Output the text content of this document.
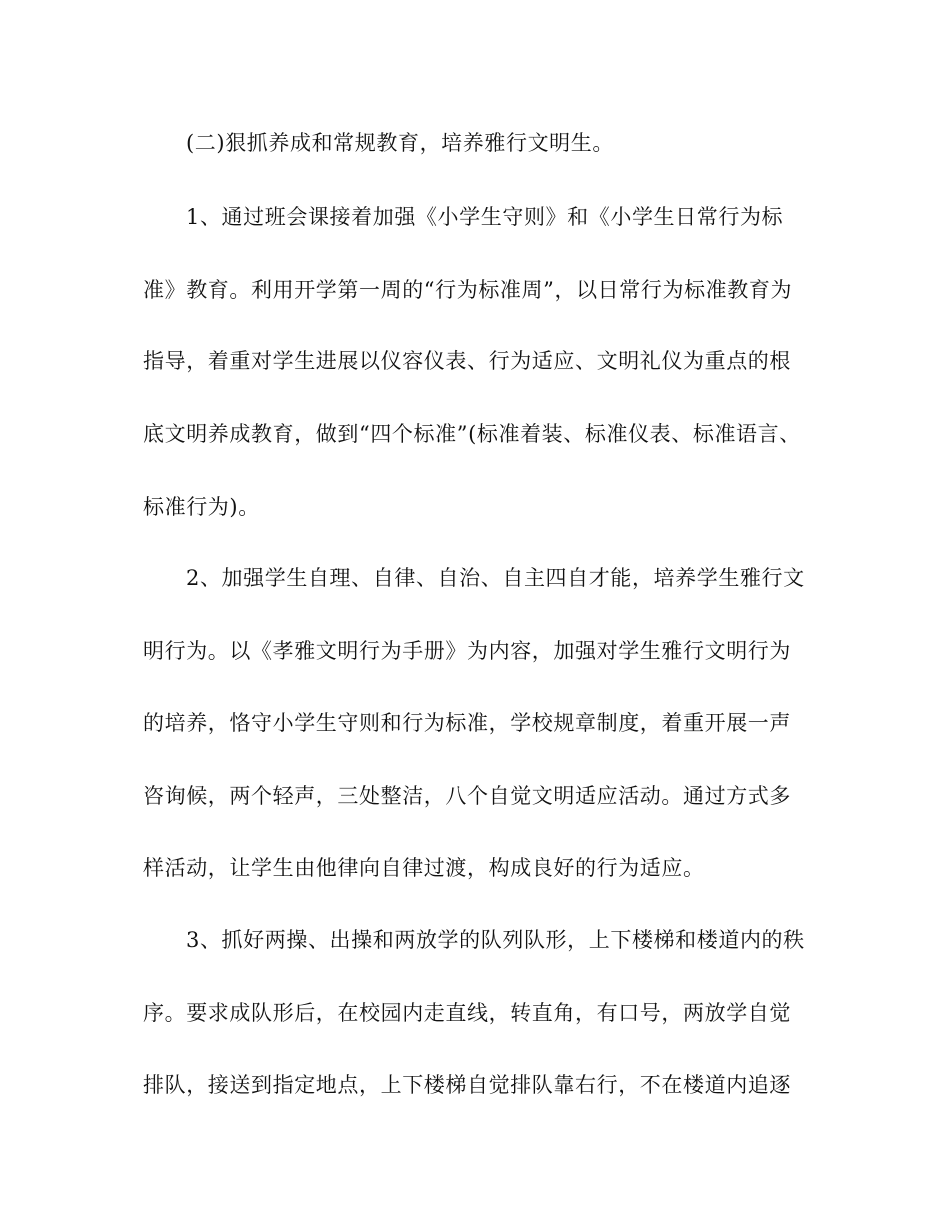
(二)狠抓养成和常规教育，培养雅行文明生。
1、通过班会课接着加强《小学生守则》和《小学生日常行为标
准》教育。利用开学第一周的“行为标准周”，以日常行为标准教育为
指导，着重对学生进展以仪容仪表、行为适应、文明礼仪为重点的根
底文明养成教育，做到“四个标准”(标准着装、标准仪表、标准语言、
标准行为)。
2、加强学生自理、自律、自治、自主四自才能，培养学生雅行文
明行为。以《孝雅文明行为手册》为内容，加强对学生雅行文明行为
的培养，恪守小学生守则和行为标准，学校规章制度，着重开展一声
咨询候，两个轻声，三处整洁，八个自觉文明适应活动。通过方式多
样活动，让学生由他律向自律过渡，构成良好的行为适应。
3、抓好两操、出操和两放学的队列队形，上下楼梯和楼道内的秩
序。要求成队形后，在校园内走直线，转直角，有口号，两放学自觉
排队，接送到指定地点，上下楼梯自觉排队靠右行，不在楼道内追逐
